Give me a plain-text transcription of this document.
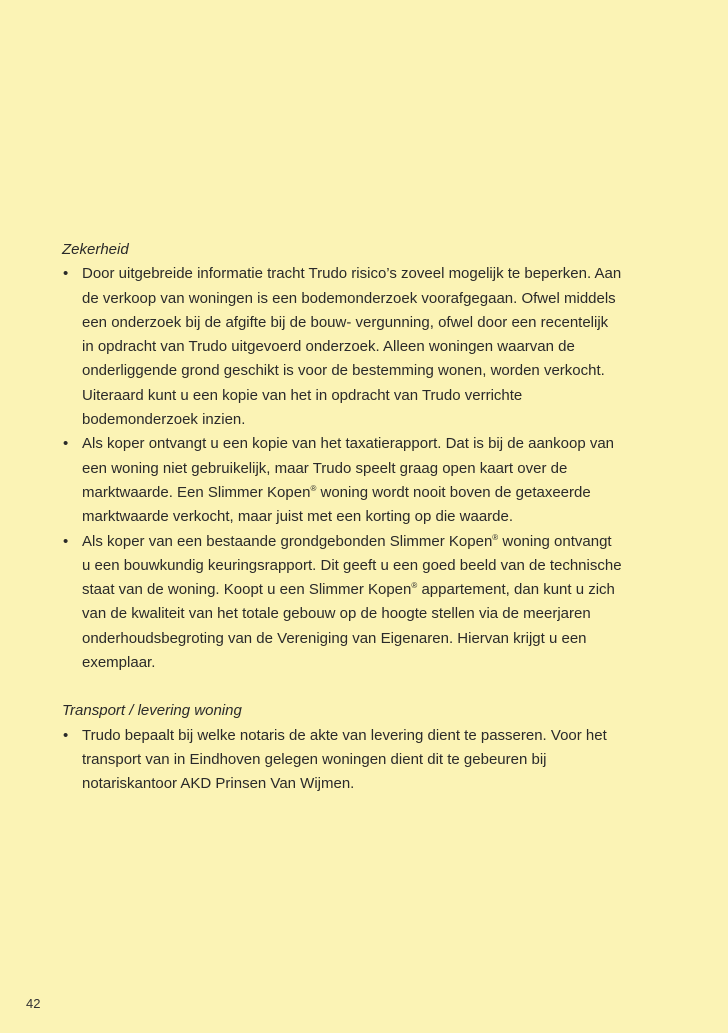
Zekerheid

• Door uitgebreide informatie tracht Trudo risico’s zoveel mogelijk te beperken. Aan de verkoop van woningen is een bodemonderzoek voorafgegaan. Ofwel middels een onderzoek bij de afgifte bij de bouw- vergunning, ofwel door een recentelijk in opdracht van Trudo uitgevoerd onderzoek. Alleen woningen waarvan de onderliggende grond geschikt is voor de bestemming wonen, worden verkocht. Uiteraard kunt u een kopie van het in opdracht van Trudo verrichte bodemonderzoek inzien.
• Als koper ontvangt u een kopie van het taxatierapport. Dat is bij de aankoop van een woning niet gebruikelijk, maar Trudo speelt graag open kaart over de marktwaarde. Een Slimmer Kopen® woning wordt nooit boven de getaxeerde marktwaarde verkocht, maar juist met een korting op die waarde.
• Als koper van een bestaande grondgebonden Slimmer Kopen® woning ontvangt u een bouwkundig keuringsrapport. Dit geeft u een goed beeld van de technische staat van de woning. Koopt u een Slimmer Kopen® appartement, dan kunt u zich van de kwaliteit van het totale gebouw op de hoogte stellen via de meerjaren onderhoudsbegroting van de Vereniging van Eigenaren. Hiervan krijgt u een exemplaar.

Transport / levering woning

• Trudo bepaalt bij welke notaris de akte van levering dient te passeren. Voor het transport van in Eindhoven gelegen woningen dient dit te gebeuren bij notariskantoor AKD Prinsen Van Wijmen.
42
